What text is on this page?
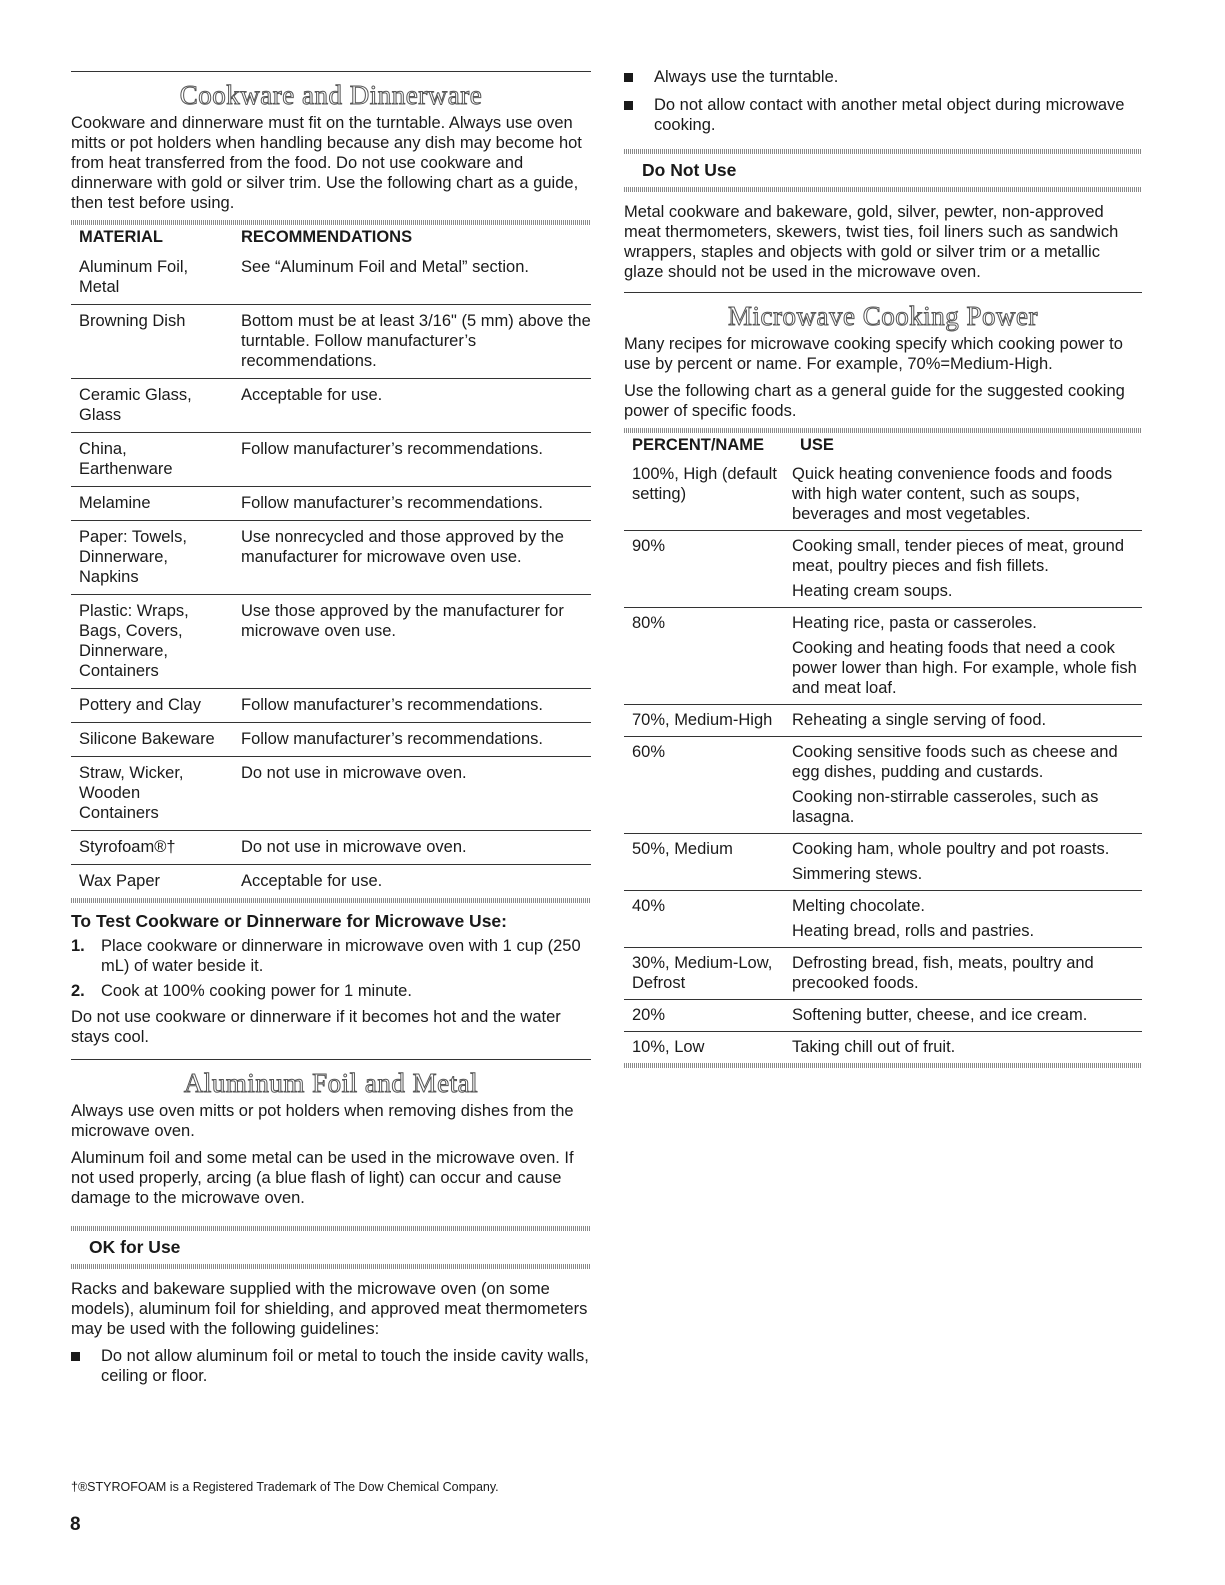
Cookware and Dinnerware

Cookware and dinnerware must fit on the turntable. Always use oven mitts or pot holders when handling because any dish may become hot from heat transferred from the food. Do not use cookware and dinnerware with gold or silver trim. Use the following chart as a guide, then test before using.

MATERIAL	RECOMMENDATIONS
Aluminum Foil, Metal	See “Aluminum Foil and Metal” section.
Browning Dish	Bottom must be at least 3/16" (5 mm) above the turntable. Follow manufacturer’s recommendations.
Ceramic Glass, Glass	Acceptable for use.
China, Earthenware	Follow manufacturer’s recommendations.
Melamine	Follow manufacturer’s recommendations.
Paper: Towels, Dinnerware, Napkins	Use nonrecycled and those approved by the manufacturer for microwave oven use.
Plastic: Wraps, Bags, Covers, Dinnerware, Containers	Use those approved by the manufacturer for microwave oven use.
Pottery and Clay	Follow manufacturer’s recommendations.
Silicone Bakeware	Follow manufacturer’s recommendations.
Straw, Wicker, Wooden Containers	Do not use in microwave oven.
Styrofoam®†	Do not use in microwave oven.
Wax Paper	Acceptable for use.
To Test Cookware or Dinnerware for Microwave Use:
1. Place cookware or dinnerware in microwave oven with 1 cup (250 mL) of water beside it.
2. Cook at 100% cooking power for 1 minute.

Do not use cookware or dinnerware if it becomes hot and the water stays cool.

Aluminum Foil and Metal

Always use oven mitts or pot holders when removing dishes from the microwave oven.

Aluminum foil and some metal can be used in the microwave oven. If not used properly, arcing (a blue flash of light) can occur and cause damage to the microwave oven.

OK for Use

Racks and bakeware supplied with the microwave oven (on some models), aluminum foil for shielding, and approved meat thermometers may be used with the following guidelines:

Do not allow aluminum foil or metal to touch the inside cavity walls, ceiling or floor.
Always use the turntable.
Do not allow contact with another metal object during microwave cooking.
Do Not Use

Metal cookware and bakeware, gold, silver, pewter, non-approved meat thermometers, skewers, twist ties, foil liners such as sandwich wrappers, staples and objects with gold or silver trim or a metallic glaze should not be used in the microwave oven.

Microwave Cooking Power

Many recipes for microwave cooking specify which cooking power to use by percent or name. For example, 70%=Medium-High.

Use the following chart as a general guide for the suggested cooking power of specific foods.

PERCENT/NAME	USE
100%, High (default setting)	Quick heating convenience foods and foods with high water content, such as soups, beverages and most vegetables.

90%	Cooking small, tender pieces of meat, ground meat, poultry pieces and fish fillets.
Heating cream soups.

80%	Heating rice, pasta or casseroles.
Cooking and heating foods that need a cook power lower than high. For example, whole fish and meat loaf.

70%, Medium-High	Reheating a single serving of food.

60%	Cooking sensitive foods such as cheese and egg dishes, pudding and custards.
Cooking non-stirrable casseroles, such as lasagna.

50%, Medium	Cooking ham, whole poultry and pot roasts.
Simmering stews.

40%	Melting chocolate.
Heating bread, rolls and pastries.

30%, Medium-Low, Defrost	Defrosting bread, fish, meats, poultry and precooked foods.

20%	Softening butter, cheese, and ice cream.

10%, Low	Taking chill out of fruit.
†®STYROFOAM is a Registered Trademark of The Dow Chemical Company.
8
